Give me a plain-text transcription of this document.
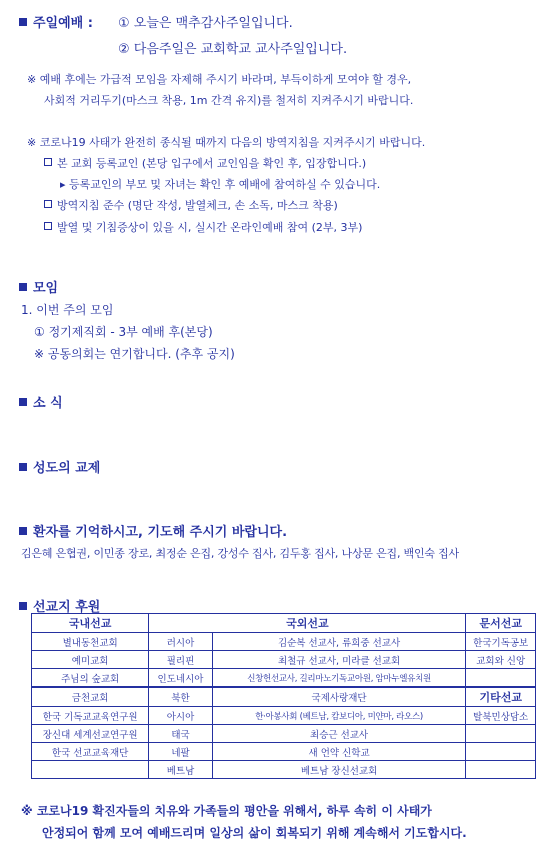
주일예배 : ① 오늘은 맥추감사주일입니다.
② 다음주일은 교회학교 교사주일입니다.
※ 예배 후에는 가급적 모임을 자제해 주시기 바라며, 부득이하게 모여야 할 경우,
사회적 거리두기(마스크 착용, 1m 간격 유지)를 철저히 지켜주시기 바랍니다.
※ 코로나19 사태가 완전히 종식될 때까지 다음의 방역지침을 지켜주시기 바랍니다.
본 교회 등록교인 (본당 입구에서 교인임을 확인 후, 입장합니다.)
▸ 등록교인의 부모 및 자녀는 확인 후 예배에 참여하실 수 있습니다.
방역지침 준수 (명단 작성, 발열체크, 손 소독, 마스크 착용)
발열 및 기침증상이 있을 시, 실시간 온라인예배 참여 (2부, 3부)
모임
1. 이번 주의 모임
① 정기제직회 - 3부 예배 후(본당)
※ 공동의회는 연기합니다. (추후 공지)
소 식
성도의 교제
환자를 기억하시고, 기도해 주시기 바랍니다.
김은혜 은협권, 이민종 장로, 최정순 은집, 강성수 집사, 김두홍 집사, 나상문 은집, 백인숙 집사
선교지 후원
국내선교	국외선교		문서선교
별내동천교회	러시아	김순복 선교사, 류희중 선교사	한국기독공보
예미교회	필리핀	최철규 선교사, 미라클 선교회	교회와 신앙
주님의 숲교회	인도네시아	신창헌선교사, 길리마노기독교아원, 암마누엘유치원	
금천교회	북한	국제사랑재단	기타선교
한국 기독교교육연구원	아시아	한·아봉사회 (베트남, 캄보디아, 미얀마, 라오스)	탈북민상담소
장신대 세계선교연구원	태국	최승근 선교사	
한국 선교교육재단	네팔	새 언약 신학교	
	베트남	베트남 장신선교회	
※ 코로나19 확진자들의 치유와 가족들의 평안을 위해서, 하루 속히 이 사태가
안정되어 함께 모여 예배드리며 일상의 삶이 회복되기 위해 계속해서 기도합시다.
